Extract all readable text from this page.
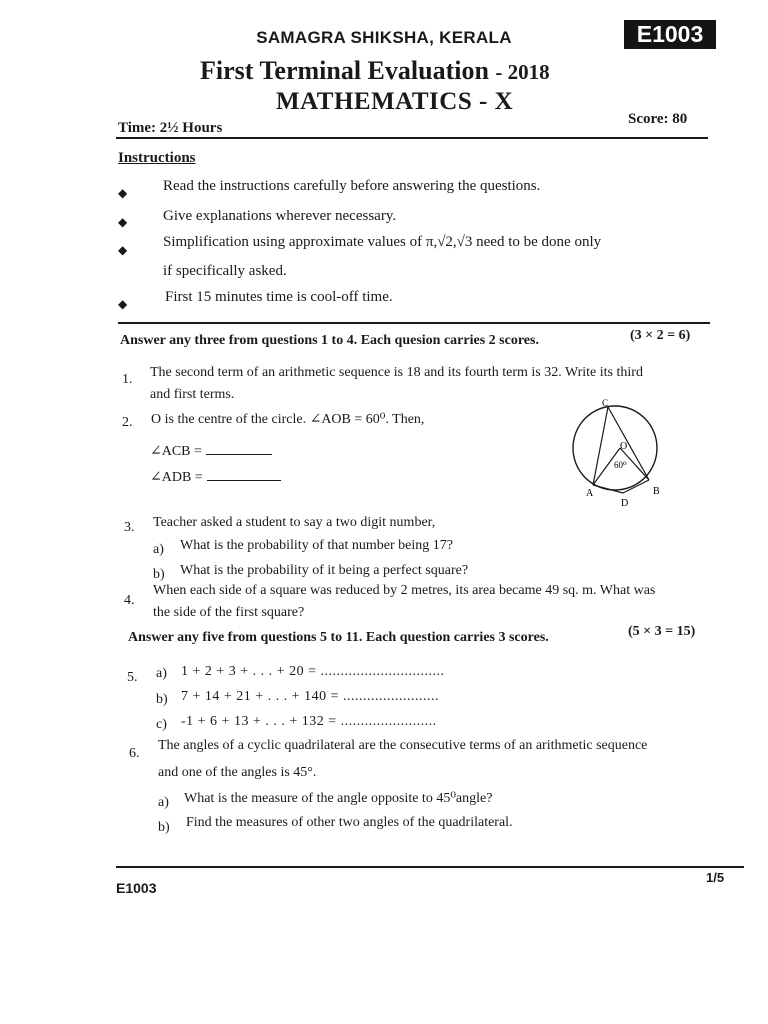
SAMAGRA SHIKSHA, KERALA	E1003
First Terminal Evaluation - 2018
MATHEMATICS - X
Time: 2½ Hours
Score: 80
Instructions
◆ Read the instructions carefully before answering the questions.
◆ Give explanations wherever necessary.
◆ Simplification using approximate values of π,√2,√3 need to be done only
if specifically asked.
◆	First 15 minutes time is cool-off time.
Answer any three from questions 1 to 4. Each quesion carries 2 scores.	(3 × 2 = 6)
1. The second term of an arithmetic sequence is 18 and its fourth term is 32. Write its third
and first terms.
2. O is the centre of the circle. ∠AOB = 60⁰. Then,
∠ACB =
∠ADB =
C
O
60⁰
A	B
D
3. Teacher asked a student to say a two digit number,
a) What is the probability of that number being 17?
b) What is the probability of it being a perfect square?
4.
When each side of a square was reduced by 2 metres, its area became 49 sq. m. What was
the side of the first square?
Answer any five from questions 5 to 11. Each question carries 3 scores.	(5 × 3 = 15)
5. a) 1 + 2 + 3 + . . . + 20 = ...............................
b) 7 + 14 + 21 + . . . + 140 = ........................
c) -1 + 6 + 13 + . . . + 132 = ........................
6.
The angles of a cyclic quadrilateral are the consecutive terms of an arithmetic sequence
and one of the angles is 45°.
a) What is the measure of the angle opposite to 45⁰angle?
b) Find the measures of other two angles of the quadrilateral.
E1003
1/5
